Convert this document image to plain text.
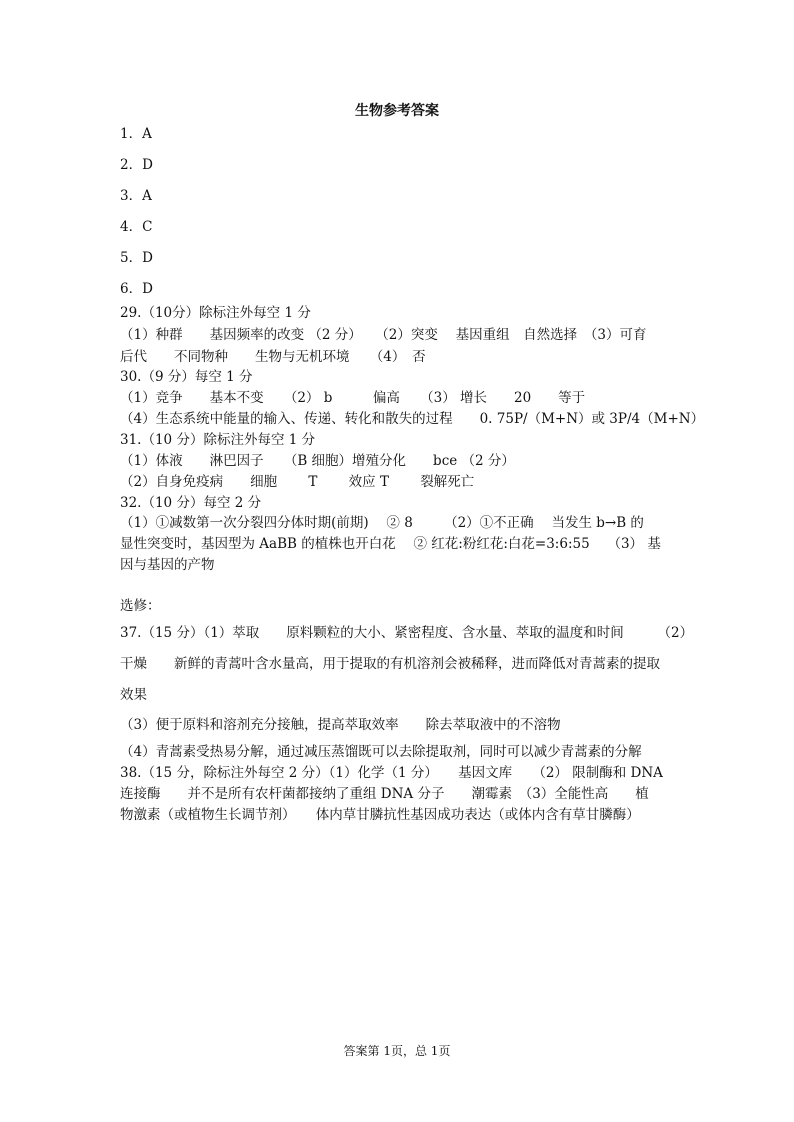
生物参考答案
1．A
2．D
3．A
4．C
5．D
6．D
29.（10分）除标注外每空 1 分
（1）种群　　基因频率的改变 （2 分）　　（2）突变　 基因重组　自然选择　（3）可育
后代　　不同物种　　生物与无机环境　　（4）　否
30.（9 分）每空 1 分
（1）竞争　　基本不变　　（2） b　　　偏高　　（3） 增长　　20　　等于
（4）生态系统中能量的输入、传递、转化和散失的过程　　0. 75P/（M+N）或 3P/4（M+N）
31.（10 分）除标注外每空 1 分
（1）体液　　淋巴因子　　（B 细胞）增殖分化　　bce （2 分）
（2）自身免疫病　　细胞　　 T　　 效应 T　　 裂解死亡
32.（10 分）每空 2 分
（1）①减数第一次分裂四分体时期(前期)　 ② 8　　 （2）①不正确　 当发生 b→B 的
显性突变时，基因型为 AaBB 的植株也开白花　 ② 红花:粉红花:白花=3:6:55　 （3） 基
因与基因的产物
选修：
37.（15 分）（1）萃取　　原料颗粒的大小、紧密程度、含水量、萃取的温度和时间　　　（2）
干燥　　新鲜的青蒿叶含水量高，用于提取的有机溶剂会被稀释，进而降低对青蒿素的提取
效果
（3）便于原料和溶剂充分接触，提高萃取效率　　除去萃取液中的不溶物
（4）青蒿素受热易分解，通过减压蒸馏既可以去除提取剂，同时可以减少青蒿素的分解
38.（15 分，除标注外每空 2 分）（1）化学（1 分）　　基因文库　　（2） 限制酶和 DNA
连接酶　　并不是所有农杆菌都接纳了重组 DNA 分子　　潮霉素　（3）全能性高　　植
物激素（或植物生长调节剂）　　体内草甘膦抗性基因成功表达（或体内含有草甘膦酶）
答案第 1页，总 1页
